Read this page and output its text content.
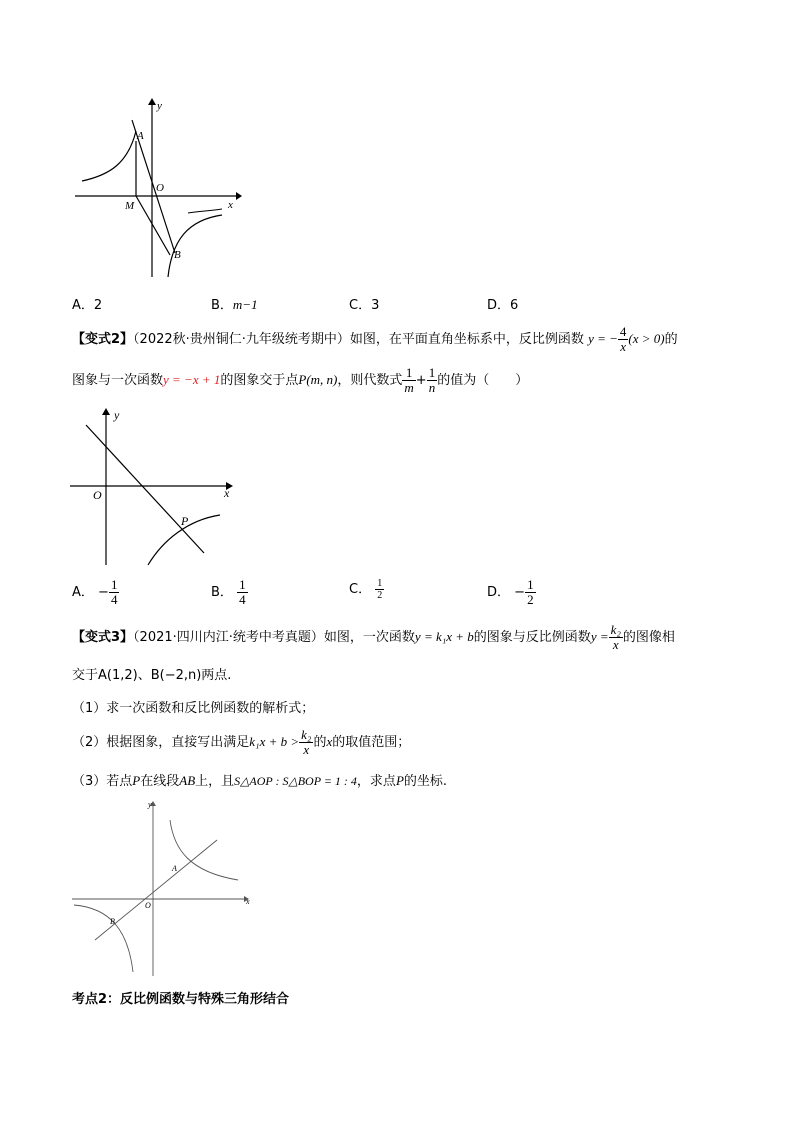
y
A
O
M	x
B
A．2	B．m−1	C．3	D．6
【变式2】（2022秋·贵州铜仁·九年级统考期中）如图，在平面直角坐标系中，反比例函数 y = − $\frac{4}{x} (x > 0)$的
图象与一次函数y = −x + 1的图象交于点P(m, n)，则代数式 $\frac{1}{m} + \frac{1}{n}$ 的值为（　　）
y
O	x
P
A． − $\frac{1}{4}$	B． $\frac{1}{4}$	C． $\frac{1}{2}$	D． − $\frac{1}{2}$
【变式3】（2021·四川内江·统考中考真题）如图，一次函数y = k₁x + b的图象与反比例函数$y = \frac{\text{k₂}}{x}$ 的图像相
交于A(1,2)、B(−2,n)两点.
（1）求一次函数和反比例函数的解析式；
（2）根据图象，直接写出满足$k_1x + b > \frac{\text{k₂}}{x}$ 的x的取值范围；
（3）若点P在线段AB上，且S△AOP : S△BOP = 1 : 4，求点P的坐标.
y
A
O
B
x
考点2：反比例函数与特殊三角形结合
